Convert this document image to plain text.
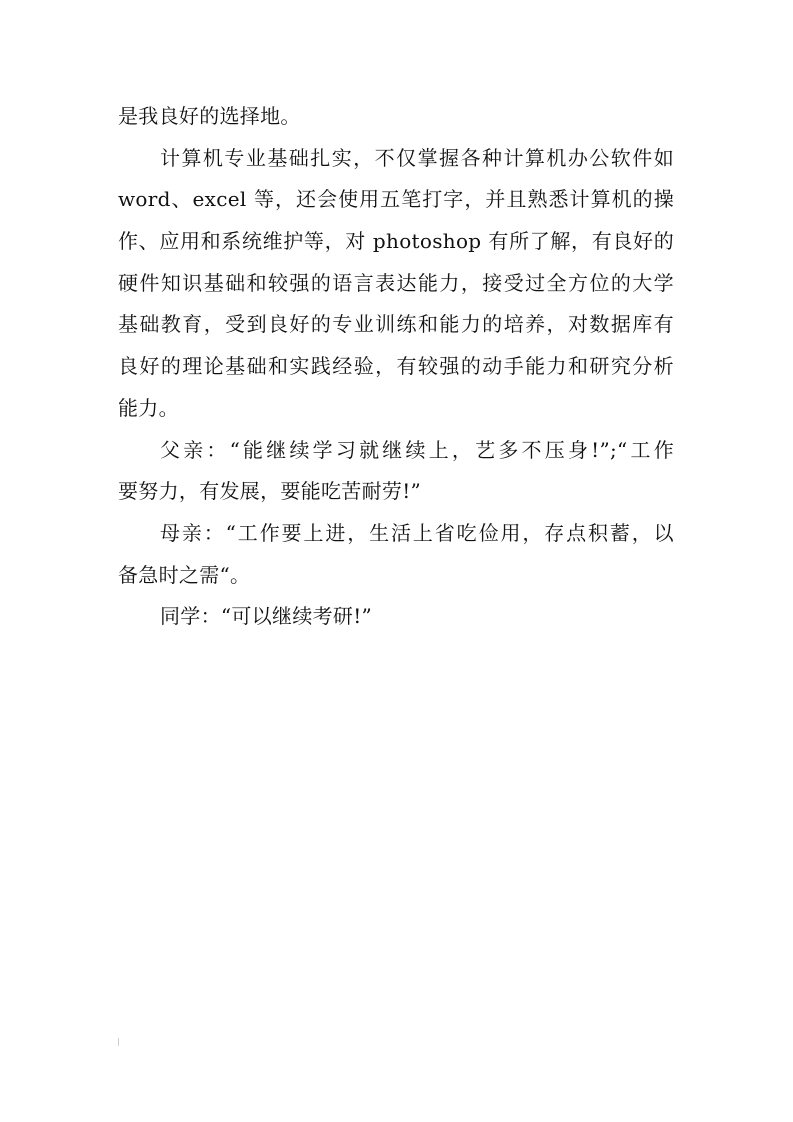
是我良好的选择地。
计算机专业基础扎实，不仅掌握各种计算机办公软件如
word、excel 等，还会使用五笔打字，并且熟悉计算机的操
作、应用和系统维护等，对 photoshop 有所了解，有良好的
硬件知识基础和较强的语言表达能力，接受过全方位的大学
基础教育，受到良好的专业训练和能力的培养，对数据库有
良好的理论基础和实践经验，有较强的动手能力和研究分析
能力。
父亲：“能继续学习就继续上，艺多不压身!”;“工作
要努力，有发展，要能吃苦耐劳!”
母亲：“工作要上进，生活上省吃俭用，存点积蓄，以
备急时之需“。
同学：“可以继续考研!”
